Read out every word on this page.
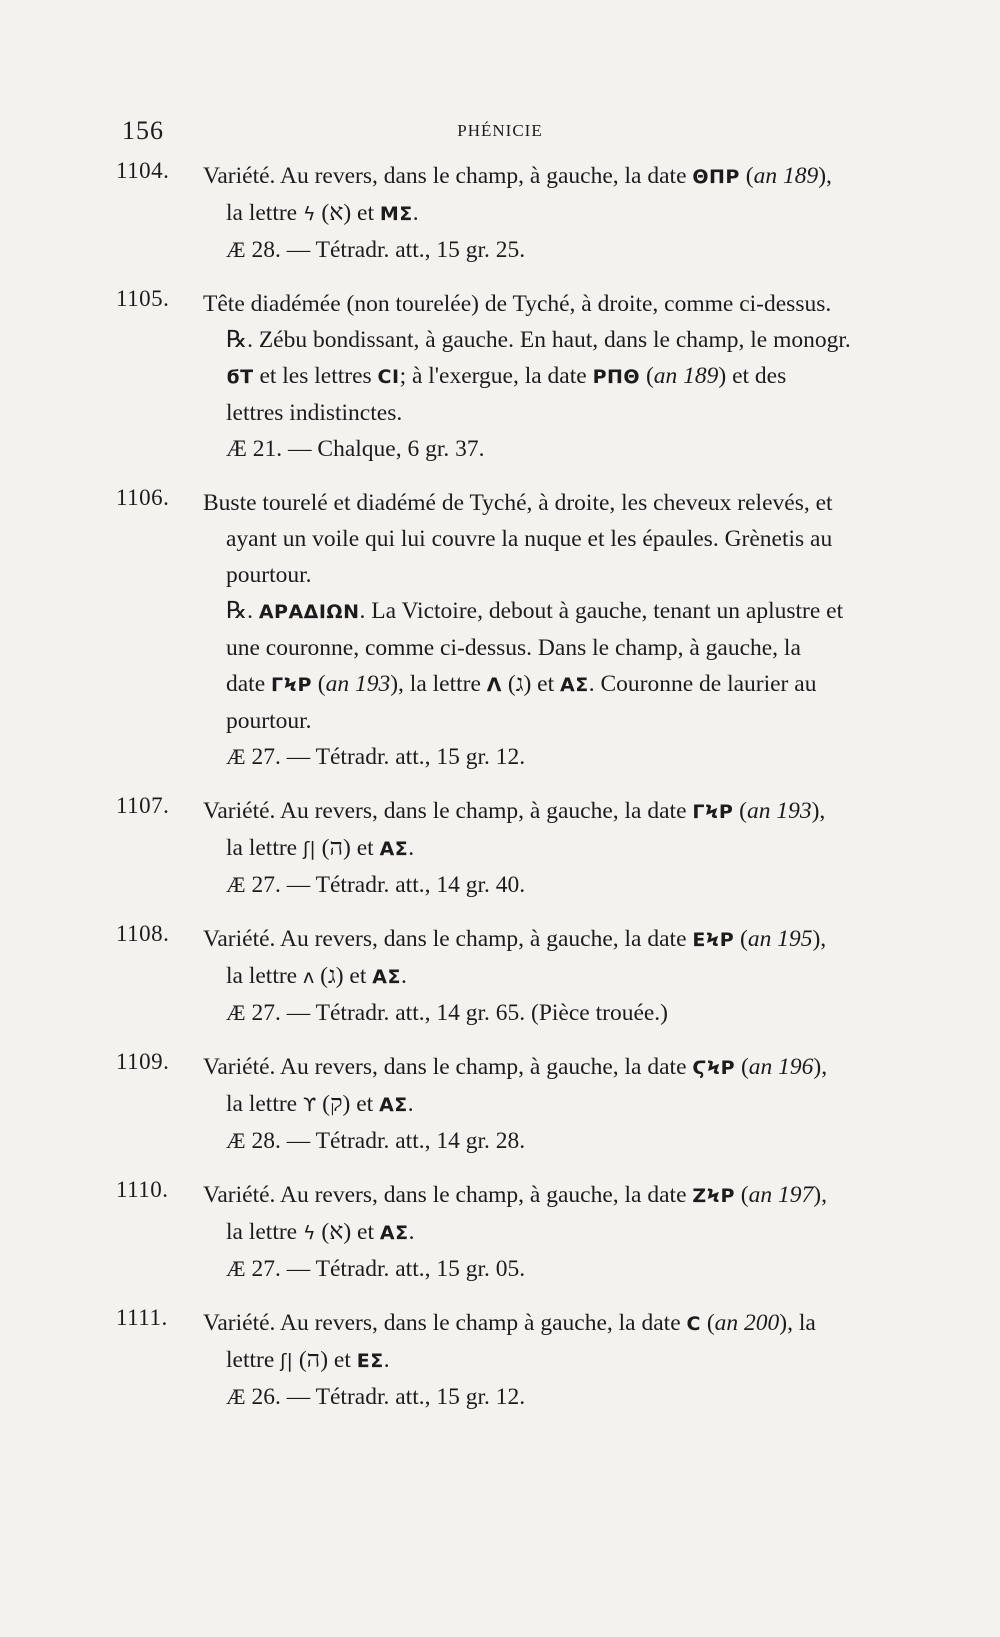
156	PHÉNICIE
1104. Variété. Au revers, dans le champ, à gauche, la date ΘΠΡ (an 189),
la lettre ϟ (א) et ΜΣ.
Æ 28. — Tétradr. att., 15 gr. 25.
1105. Tête diadémée (non tourelée) de Tyché, à droite, comme ci-dessus.
℞. Zébu bondissant, à gauche. En haut, dans le champ, le monogr.
ϭΤ et les lettres CI; à l'exergue, la date ΡΠΘ (an 189) et des
lettres indistinctes.
Æ 21. — Chalque, 6 gr. 37.
1106. Buste tourelé et diadémé de Tyché, à droite, les cheveux relevés, et
ayant un voile qui lui couvre la nuque et les épaules. Grènetis au
pourtour.
℞. ΑΡΑΔΙΩΝ. La Victoire, debout à gauche, tenant un aplustre et
une couronne, comme ci-dessus. Dans le champ, à gauche, la
date ΓϞΡ (an 193), la lettre Λ (ג) et ΑΣ. Couronne de laurier au
pourtour.
Æ 27. — Tétradr. att., 15 gr. 12.
1107. Variété. Au revers, dans le champ, à gauche, la date ΓϞΡ (an 193),
la lettre ʃ| (ה) et ΑΣ.
Æ 27. — Tétradr. att., 14 gr. 40.
1108. Variété. Au revers, dans le champ, à gauche, la date ΕϞΡ (an 195),
la lettre ʌ (ג) et ΑΣ.
Æ 27. — Tétradr. att., 14 gr. 65. (Pièce trouée.)
1109. Variété. Au revers, dans le champ, à gauche, la date ϚϞΡ (an 196),
la lettre ϒ (ק) et ΑΣ.
Æ 28. — Tétradr. att., 14 gr. 28.
1110. Variété. Au revers, dans le champ, à gauche, la date ΖϞΡ (an 197),
la lettre ϟ (א) et ΑΣ.
Æ 27. — Tétradr. att., 15 gr. 05.
1111. Variété. Au revers, dans le champ à gauche, la date C (an 200), la
lettre ʃ| (ה) et ΕΣ.
Æ 26. — Tétradr. att., 15 gr. 12.
